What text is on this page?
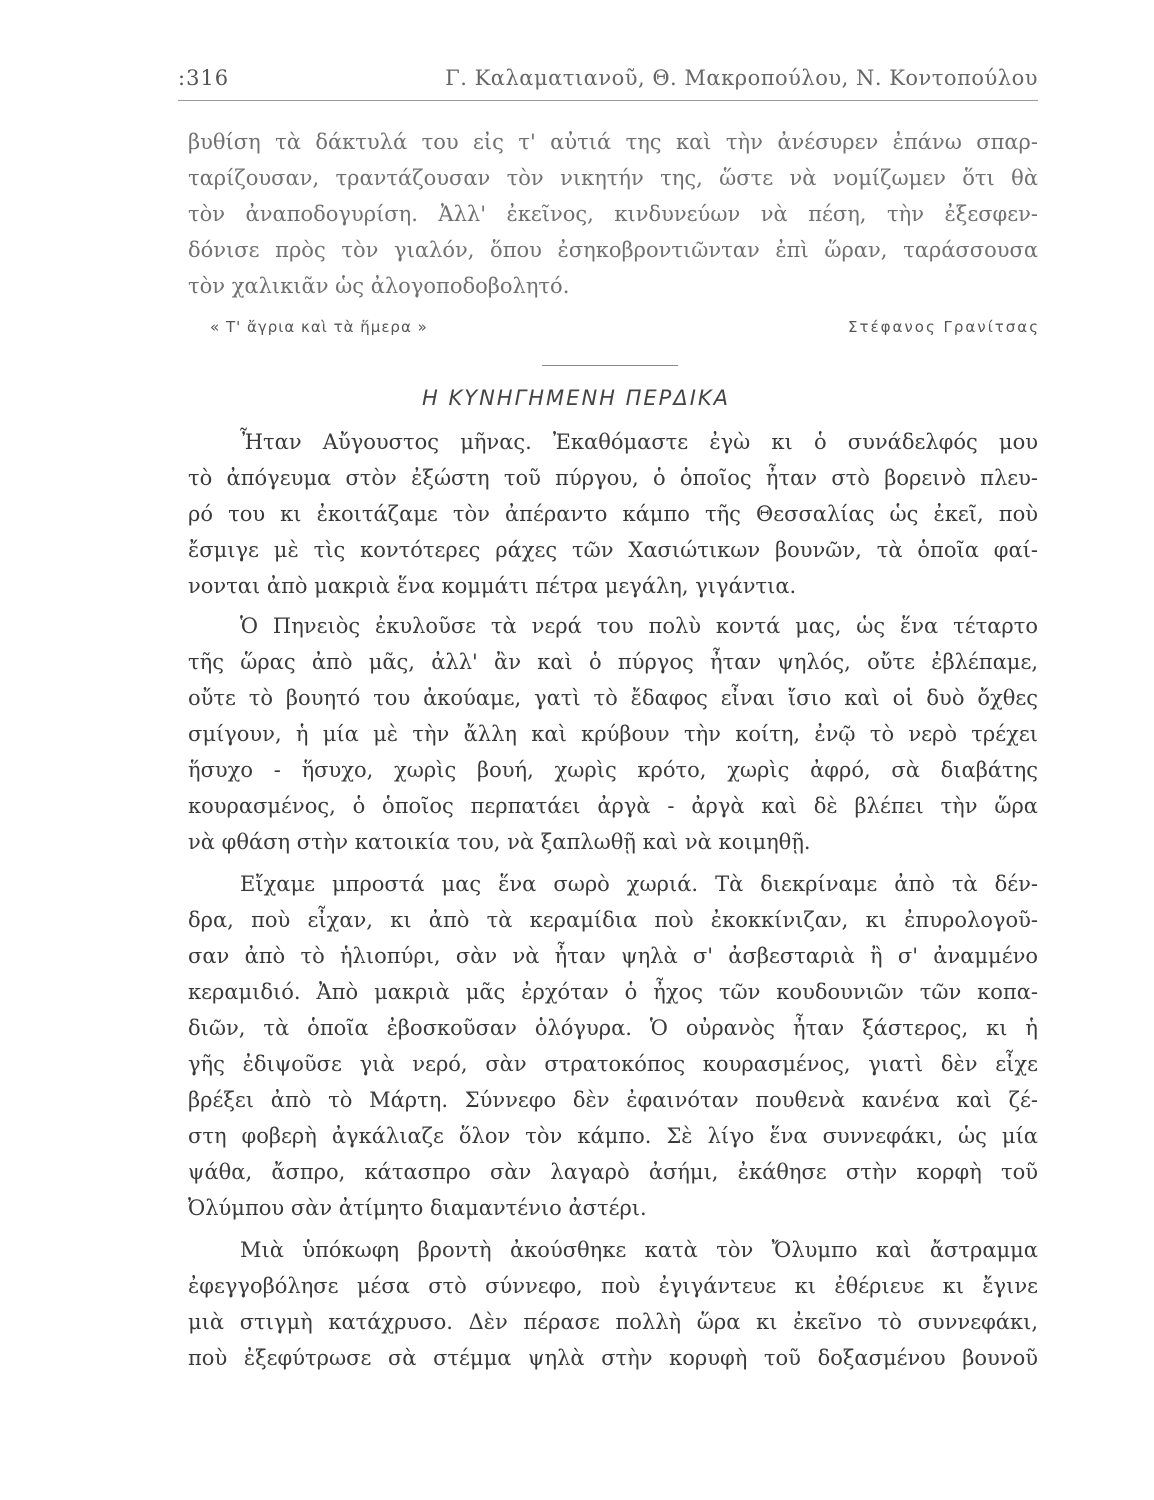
:316	Γ. Καλαματιανοῦ, Θ. Μακροπούλου, Ν. Κοντοπούλου
βυθίση τὰ δάκτυλά του εἰς τ' αὐτιά της καὶ τὴν ἀνέσυρεν ἐπάνω σπαρ-
ταρίζουσαν, τραντάζουσαν τὸν νικητήν της, ὥστε νὰ νομίζωμεν ὅτι θὰ
τὸν ἀναποδογυρίση. Ἀλλ' ἐκεῖνος, κινδυνεύων νὰ πέση, τὴν ἐξεσφεν-
δόνισε πρὸς τὸν γιαλόν, ὅπου ἐσηκοβροντιῶνταν ἐπὶ ὥραν, ταράσσουσα
τὸν χαλικιᾶν ὡς ἀλογοποδοβολητό.
« Τ' ἄγρια καὶ τὰ ἥμερα »	Στέφανος Γρανίτσας
Η ΚΥΝΗΓΗΜΕΝΗ ΠΕΡΔΙΚΑ
Ἦταν Αὔγουστος μῆνας. Ἐκαθόμαστε ἐγὼ κι ὁ συνάδελφός μου
τὸ ἀπόγευμα στὸν ἐξώστη τοῦ πύργου, ὁ ὁποῖος ἦταν στὸ βορεινὸ πλευ-
ρό του κι ἐκοιτάζαμε τὸν ἀπέραντο κάμπο τῆς Θεσσαλίας ὡς ἐκεῖ, ποὺ
ἔσμιγε μὲ τὶς κοντότερες ράχες τῶν Χασιώτικων βουνῶν, τὰ ὁποῖα φαί-
νονται ἀπὸ μακριὰ ἕνα κομμάτι πέτρα μεγάλη, γιγάντια.
Ὁ Πηνειὸς ἐκυλοῦσε τὰ νερά του πολὺ κοντά μας, ὡς ἕνα τέταρτο
τῆς ὥρας ἀπὸ μᾶς, ἀλλ' ἂν καὶ ὁ πύργος ἦταν ψηλός, οὔτε ἐβλέπαμε,
οὔτε τὸ βουητό του ἀκούαμε, γατὶ τὸ ἔδαφος εἶναι ἴσιο καὶ οἱ δυὸ ὄχθες
σμίγουν, ἡ μία μὲ τὴν ἄλλη καὶ κρύβουν τὴν κοίτη, ἐνῷ τὸ νερὸ τρέχει
ἥσυχο - ἥσυχο, χωρὶς βουή, χωρὶς κρότο, χωρὶς ἀφρό, σὰ διαβάτης
κουρασμένος, ὁ ὁποῖος περπατάει ἀργὰ - ἀργὰ καὶ δὲ βλέπει τὴν ὥρα
νὰ φθάση στὴν κατοικία του, νὰ ξαπλωθῇ καὶ νὰ κοιμηθῇ.
Εἴχαμε μπροστά μας ἕνα σωρὸ χωριά. Τὰ διεκρίναμε ἀπὸ τὰ δέν-
δρα, ποὺ εἶχαν, κι ἀπὸ τὰ κεραμίδια ποὺ ἐκοκκίνιζαν, κι ἐπυρολογοῦ-
σαν ἀπὸ τὸ ἡλιοπύρι, σὰν νὰ ἦταν ψηλὰ σ' ἀσβεσταριὰ ἢ σ' ἀναμμένο
κεραμιδιό. Ἀπὸ μακριὰ μᾶς ἐρχόταν ὁ ἦχος τῶν κουδουνιῶν τῶν κοπα-
διῶν, τὰ ὁποῖα ἐβοσκοῦσαν ὁλόγυρα. Ὁ οὐρανὸς ἦταν ξάστερος, κι ἡ
γῆς ἐδιψοῦσε γιὰ νερό, σὰν στρατοκόπος κουρασμένος, γιατὶ δὲν εἶχε
βρέξει ἀπὸ τὸ Μάρτη. Σύννεφο δὲν ἐφαινόταν πουθενὰ κανένα καὶ ζέ-
στη φοβερὴ ἀγκάλιαζε ὅλον τὸν κάμπο. Σὲ λίγο ἕνα συννεφάκι, ὡς μία
ψάθα, ἄσπρο, κάτασπρο σὰν λαγαρὸ ἀσήμι, ἐκάθησε στὴν κορφὴ τοῦ
Ὀλύμπου σὰν ἀτίμητο διαμαντένιο ἀστέρι.
Μιὰ ὑπόκωφη βροντὴ ἀκούσθηκε κατὰ τὸν Ὄλυμπο καὶ ἄστραμμα
ἐφεγγοβόλησε μέσα στὸ σύννεφο, ποὺ ἐγιγάντευε κι ἐθέριευε κι ἔγινε
μιὰ στιγμὴ κατάχρυσο. Δὲν πέρασε πολλὴ ὥρα κι ἐκεῖνο τὸ συννεφάκι,
ποὺ ἐξεφύτρωσε σὰ στέμμα ψηλὰ στὴν κορυφὴ τοῦ δοξασμένου βουνοῦ
